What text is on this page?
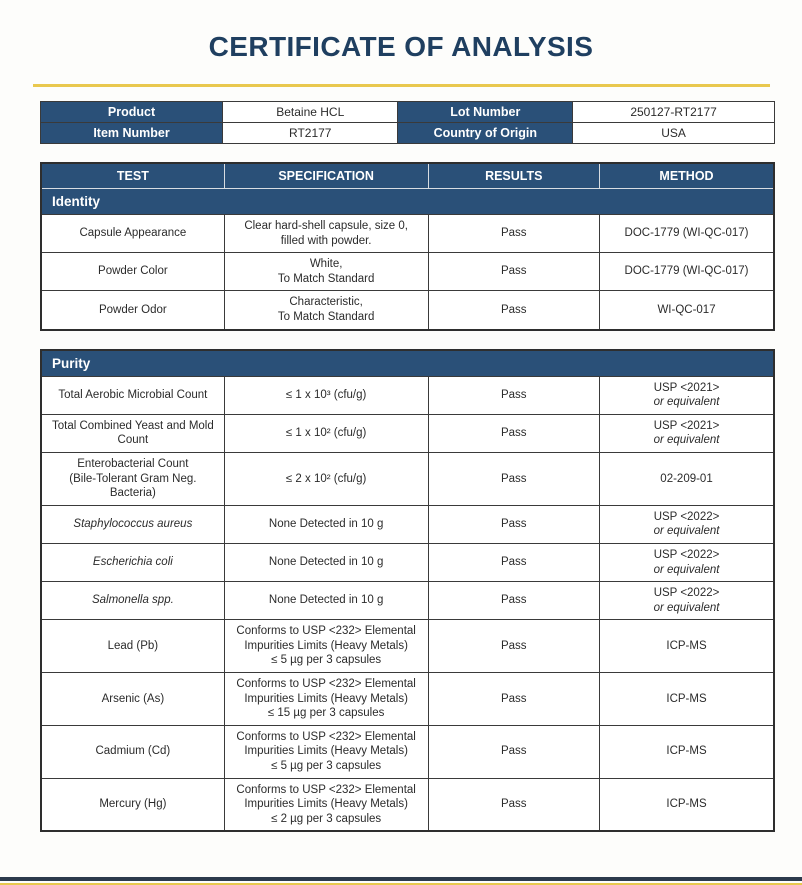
CERTIFICATE OF ANALYSIS
Product	Betaine HCL	Lot Number	250127-RT2177
Item Number	RT2177	Country of Origin	USA
TEST	SPECIFICATION	RESULTS	METHOD
Identity			
Capsule Appearance	Clear hard-shell capsule, size 0,
filled with powder.	Pass	DOC-1779 (WI-QC-017)
Powder Color	White,
To Match Standard	Pass	DOC-1779 (WI-QC-017)
Powder Odor	Characteristic,
To Match Standard	Pass	WI-QC-017
Purity			
Total Aerobic Microbial Count	≤ 1 x 10³ (cfu/g)	Pass	USP <2021>
or equivalent
Total Combined Yeast and Mold
Count	≤ 1 x 10² (cfu/g)	Pass	USP <2021>
or equivalent
Enterobacterial Count
(Bile-Tolerant Gram Neg.
Bacteria)	≤ 2 x 10² (cfu/g)	Pass	02-209-01
Staphylococcus aureus	None Detected in 10 g	Pass	USP <2022>
or equivalent
Escherichia coli	None Detected in 10 g	Pass	USP <2022>
or equivalent
Salmonella spp.	None Detected in 10 g	Pass	USP <2022>
or equivalent
Lead (Pb)	Conforms to USP <232> Elemental
Impurities Limits (Heavy Metals)
≤ 5 µg per 3 capsules	Pass	ICP-MS
Arsenic (As)	Conforms to USP <232> Elemental
Impurities Limits (Heavy Metals)
≤ 15 µg per 3 capsules	Pass	ICP-MS
Cadmium (Cd)	Conforms to USP <232> Elemental
Impurities Limits (Heavy Metals)
≤ 5 µg per 3 capsules	Pass	ICP-MS
Mercury (Hg)	Conforms to USP <232> Elemental
Impurities Limits (Heavy Metals)
≤ 2 µg per 3 capsules	Pass	ICP-MS
